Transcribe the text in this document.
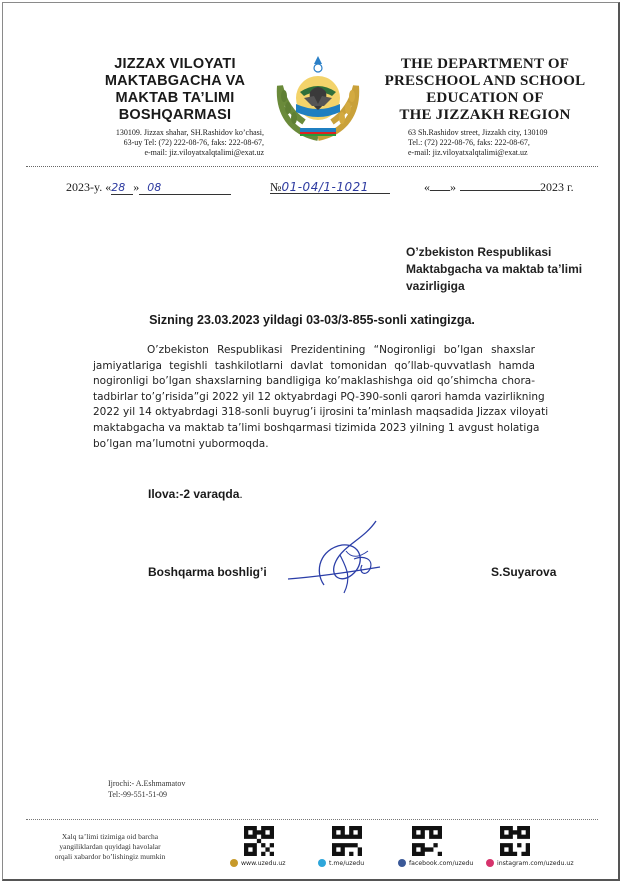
JIZZAX VILOYATI
MAKTABGACHA VA
MAKTAB TA’LIMI
BOSHQARMASI
130109. Jizzax shahar, SH.Rashidov ko’chasi,
63-uy Tel: (72) 222-08-76, faks: 222-08-67,
e-mail: jiz.viloyatxalqtalimi@exat.uz
THE DEPARTMENT OF
PRESCHOOL AND SCHOOL
EDUCATION OF
THE JIZZAKH REGION
63 Sh.Rashidov street, Jizzakh city, 130109
Tel.: (72) 222-08-76, faks: 222-08-67,
e-mail: jiz.viloyatxalqtalimi@exat.uz
2023-y. «28 » 08	№01-04/1-1021	« »	2023 г.
O’zbekiston Respublikasi
Maktabgacha va maktab ta’limi
vazirligiga
Sizning 23.03.2023 yildagi 03-03/3-855-sonli xatingizga.
O’zbekiston Respublikasi Prezidentining “Nogironligi bo’lgan shaxslar
jamiyatlariga tegishli tashkilotlarni davlat tomonidan qo’llab-quvvatlash hamda
nogironligi bo’lgan shaxslarning bandligiga ko’maklashishga oid qo’shimcha chora-
tadbirlar to’g’risida”gi 2022 yil 12 oktyabrdagi PQ-390-sonli qarori hamda vazirlikning
2022 yil 14 oktyabrdagi 318-sonli buyrug’i ijrosini ta’minlash maqsadida Jizzax viloyati
maktabgacha va maktab ta’limi boshqarmasi tizimida 2023 yilning 1 avgust holatiga
bo’lgan ma’lumotni yubormoqda.
Ilova:-2 varaqda.
Boshqarma boshlig’i	S.Suyarova
Ijrochi:- A.Eshmamatov
Tel:-99-551-51-09
Xalq ta’limi tizimiga oid barcha
yangiliklardan quyidagi havolalar
orqali xabardor bo’lishingiz mumkin
www.uzedu.uz	t.me/uzedu	facebook.com/uzedu	instagram.com/uzedu.uz
